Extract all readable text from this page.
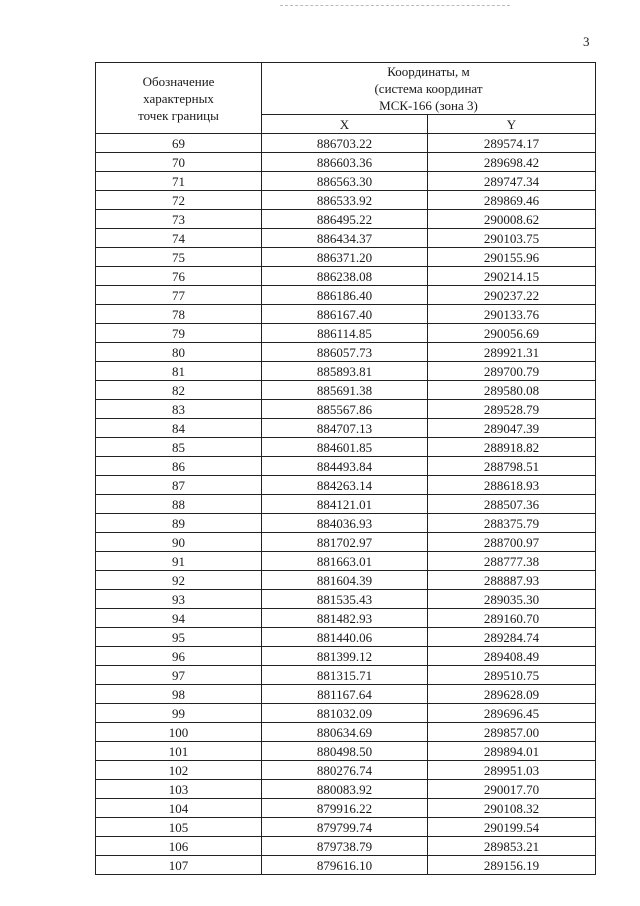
3
Обозначение
характерных
точек границы	Координаты, м
(система координат
МСК-166 (зона 3)	

	X	Y
69	886703.22	289574.17
70	886603.36	289698.42
71	886563.30	289747.34
72	886533.92	289869.46
73	886495.22	290008.62
74	886434.37	290103.75
75	886371.20	290155.96
76	886238.08	290214.15
77	886186.40	290237.22
78	886167.40	290133.76
79	886114.85	290056.69
80	886057.73	289921.31
81	885893.81	289700.79
82	885691.38	289580.08
83	885567.86	289528.79
84	884707.13	289047.39
85	884601.85	288918.82
86	884493.84	288798.51
87	884263.14	288618.93
88	884121.01	288507.36
89	884036.93	288375.79
90	881702.97	288700.97
91	881663.01	288777.38
92	881604.39	288887.93
93	881535.43	289035.30
94	881482.93	289160.70
95	881440.06	289284.74
96	881399.12	289408.49
97	881315.71	289510.75
98	881167.64	289628.09
99	881032.09	289696.45
100	880634.69	289857.00
101	880498.50	289894.01
102	880276.74	289951.03
103	880083.92	290017.70
104	879916.22	290108.32
105	879799.74	290199.54
106	879738.79	289853.21
107	879616.10	289156.19
